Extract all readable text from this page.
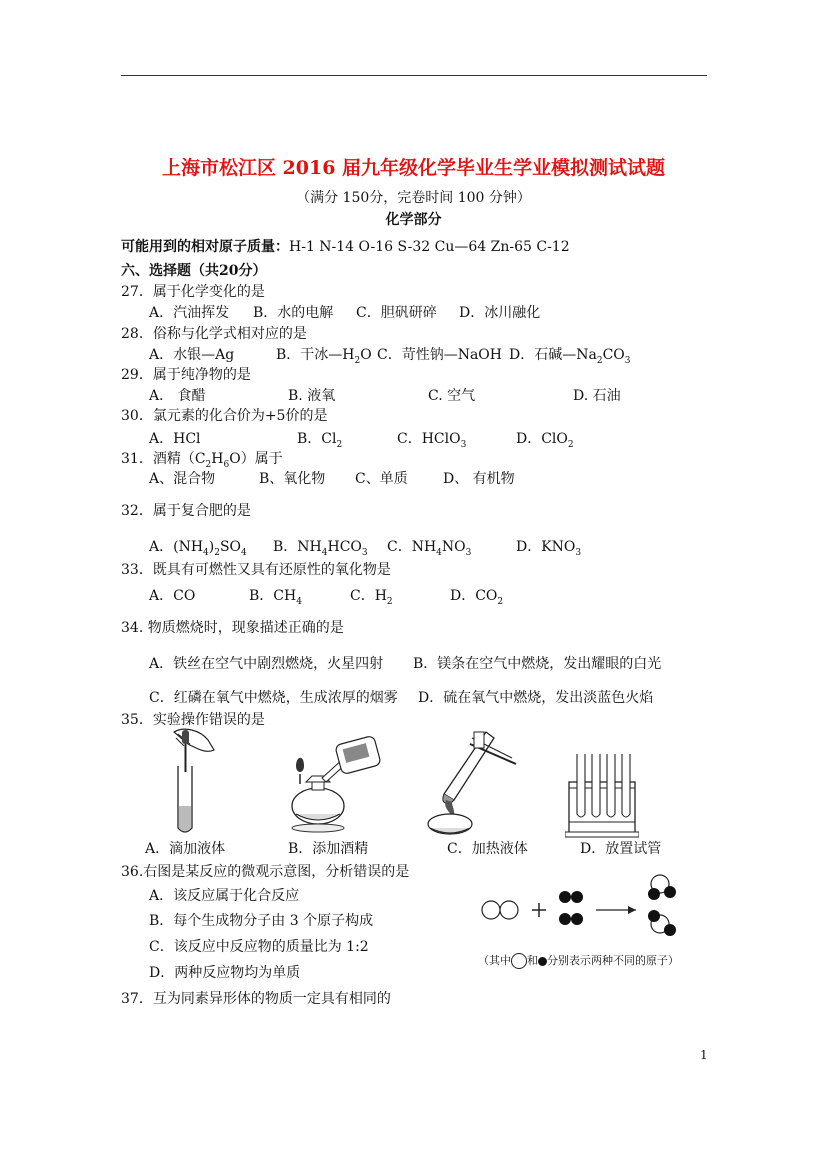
上海市松江区 2016 届九年级化学毕业生学业模拟测试试题
（满分 150分，完卷时间 100 分钟）
化学部分
可能用到的相对原子质量：H-1 N-14 O-16 S-32 Cu—64 Zn-65 C-12
六、选择题（共20分）
27．属于化学变化的是
A．汽油挥发 B．水的电解 C．胆矾研碎 D．冰川融化
28．俗称与化学式相对应的是
A．水银—Ag	B．干冰$—H_2O$ C．苛性钠—NaOH D．石碱$—Na_2CO_3$
29．属于纯净物的是
A． 食醋	B. 液氧	C. 空气	D. 石油
30．氯元素的化合价为+5价的是
A．HCl	B．$Cl_2$	C．HClO$_3$	D．ClO$_2$
31．酒精$(C_2H_6O)$属于
A、混合物	B、氧化物 C、单质	D、 有机物
32．属于复合肥的是
A．$(NH_4)_2SO_4$ B．$NH_4HCO_3$ C．$NH_4NO_3$	D．$KNO_3$
33．既具有可燃性又具有还原性的氧化物是
A．CO	B．$CH_4$	C．$H_2$	D．$CO_2$
34. 物质燃烧时，现象描述正确的是
A．铁丝在空气中剧烈燃烧，火星四射 B．镁条在空气中燃烧，发出耀眼的白光
C．红磷在氧气中燃烧，生成浓厚的烟雾 D．硫在氧气中燃烧，发出淡蓝色火焰
35．实验操作错误的是
A．滴加液体	B．添加酒精	C．加热液体	D．放置试管
36.右图是某反应的微观示意图，分析错误的是
A．该反应属于化合反应
B．每个生成物分子由 3 个原子构成
C．该反应中反应物的质量比为 1:2
D．两种反应物均为单质
（其中 和 分别表示两种不同的原子）
37．互为同素异形体的物质一定具有相同的
1
